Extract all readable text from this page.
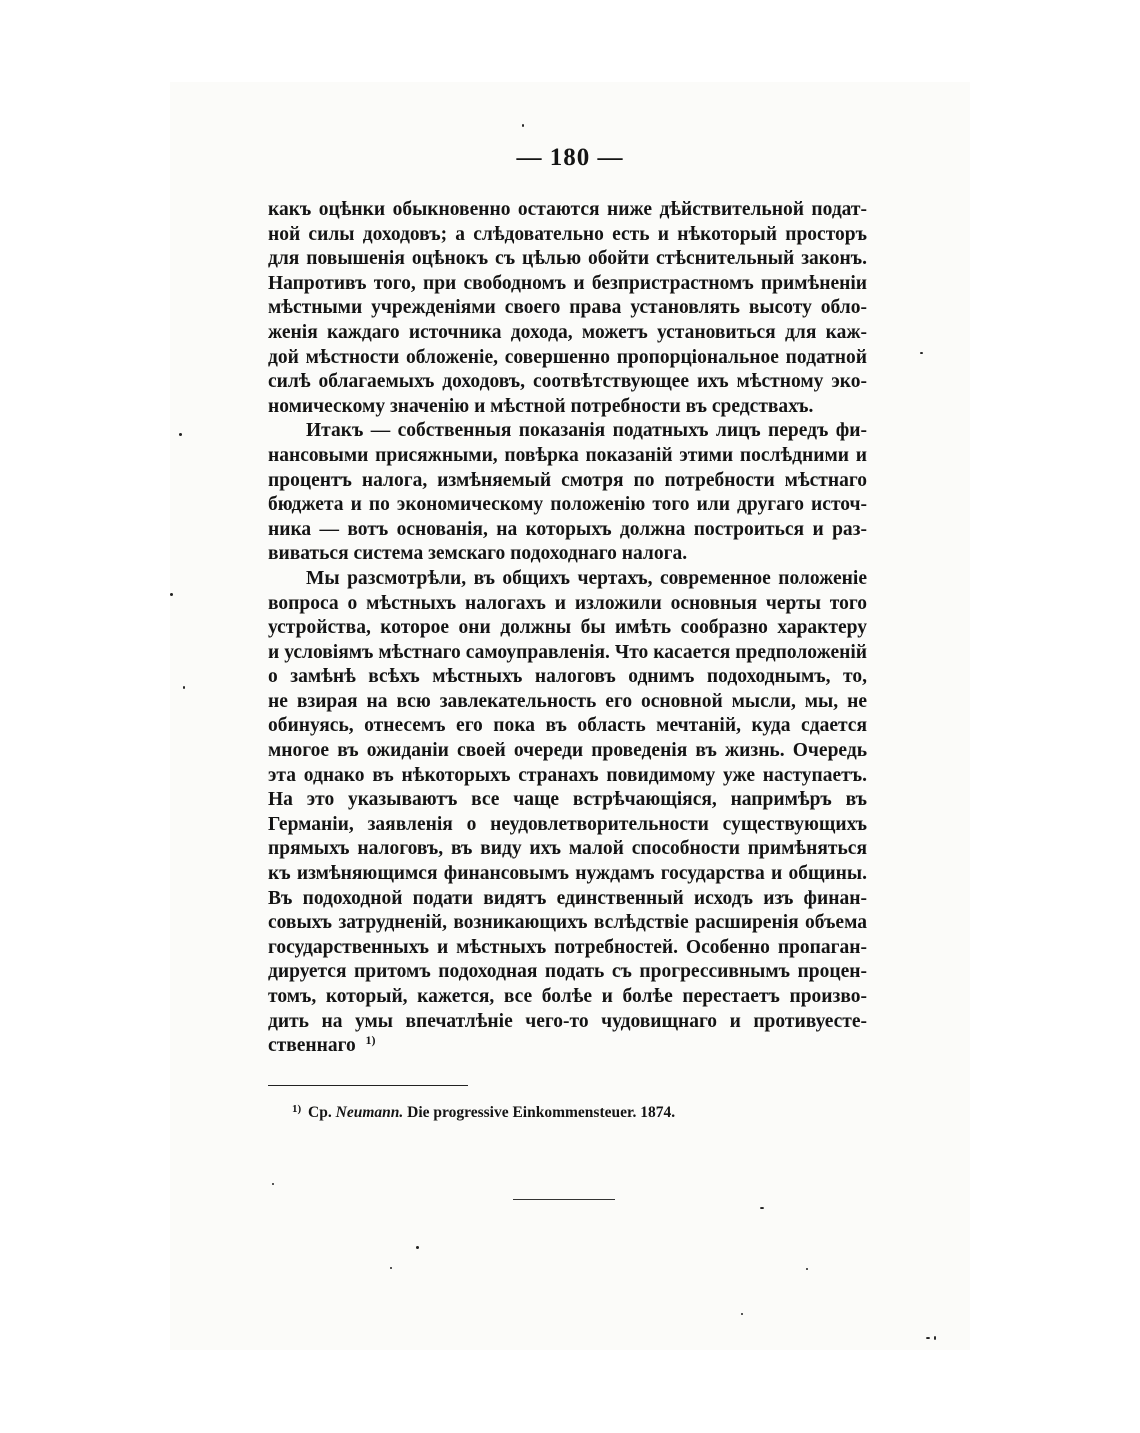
— 180 —
какъ оцѣнки обыкновенно остаются ниже дѣйствительной подат-
ной силы доходовъ; а слѣдовательно есть и нѣкоторый просторъ
для повышенія оцѣнокъ съ цѣлью обойти стѣснительный законъ.
Напротивъ того, при свободномъ и безпристрастномъ примѣненіи
мѣстными учрежденіями своего права установлять высоту обло-
женія каждаго источника дохода, можетъ установиться для каж-
дой мѣстности обложеніе, совершенно пропорціональное податной
силѣ облагаемыхъ доходовъ, соотвѣтствующее ихъ мѣстному эко-
номическому значенію и мѣстной потребности въ средствахъ.
Итакъ — собственныя показанія податныхъ лицъ передъ фи-
нансовыми присяжными, повѣрка показаній этими послѣдними и
процентъ налога, измѣняемый смотря по потребности мѣстнаго
бюджета и по экономическому положенію того или другаго источ-
ника — вотъ основанія, на которыхъ должна построиться и раз-
виваться система земскаго подоходнаго налога.
Мы разсмотрѣли, въ общихъ чертахъ, современное положеніе
вопроса о мѣстныхъ налогахъ и изложили основныя черты того
устройства, которое они должны бы имѣть сообразно характеру
и условіямъ мѣстнаго самоуправленія. Что касается предположеній
о замѣнѣ всѣхъ мѣстныхъ налоговъ однимъ подоходнымъ, то,
не взирая на всю завлекательность его основной мысли, мы, не
обинуясь, отнесемъ его пока въ область мечтаній, куда сдается
многое въ ожиданіи своей очереди проведенія въ жизнь. Очередь
эта однако въ нѣкоторыхъ странахъ повидимому уже наступаетъ.
На это указываютъ все чаще встрѣчающіяся, напримѣръ въ
Германіи, заявленія о неудовлетворительности существующихъ
прямыхъ налоговъ, въ виду ихъ малой способности примѣняться
къ измѣняющимся финансовымъ нуждамъ государства и общины.
Въ подоходной подати видятъ единственный исходъ изъ финан-
совыхъ затрудненій, возникающихъ вслѣдствіе расширенія объема
государственныхъ и мѣстныхъ потребностей. Особенно пропаган-
дируется притомъ подоходная подать съ прогрессивнымъ процен-
томъ, который, кажется, все болѣе и болѣе перестаетъ произво-
дить на умы впечатлѣніе чего-то чудовищнаго и противуесте-
ственнаго  $^{1)}$
$^{1)}$ Ср. Neumann. Die progressive Einkommensteuer. 1874.
